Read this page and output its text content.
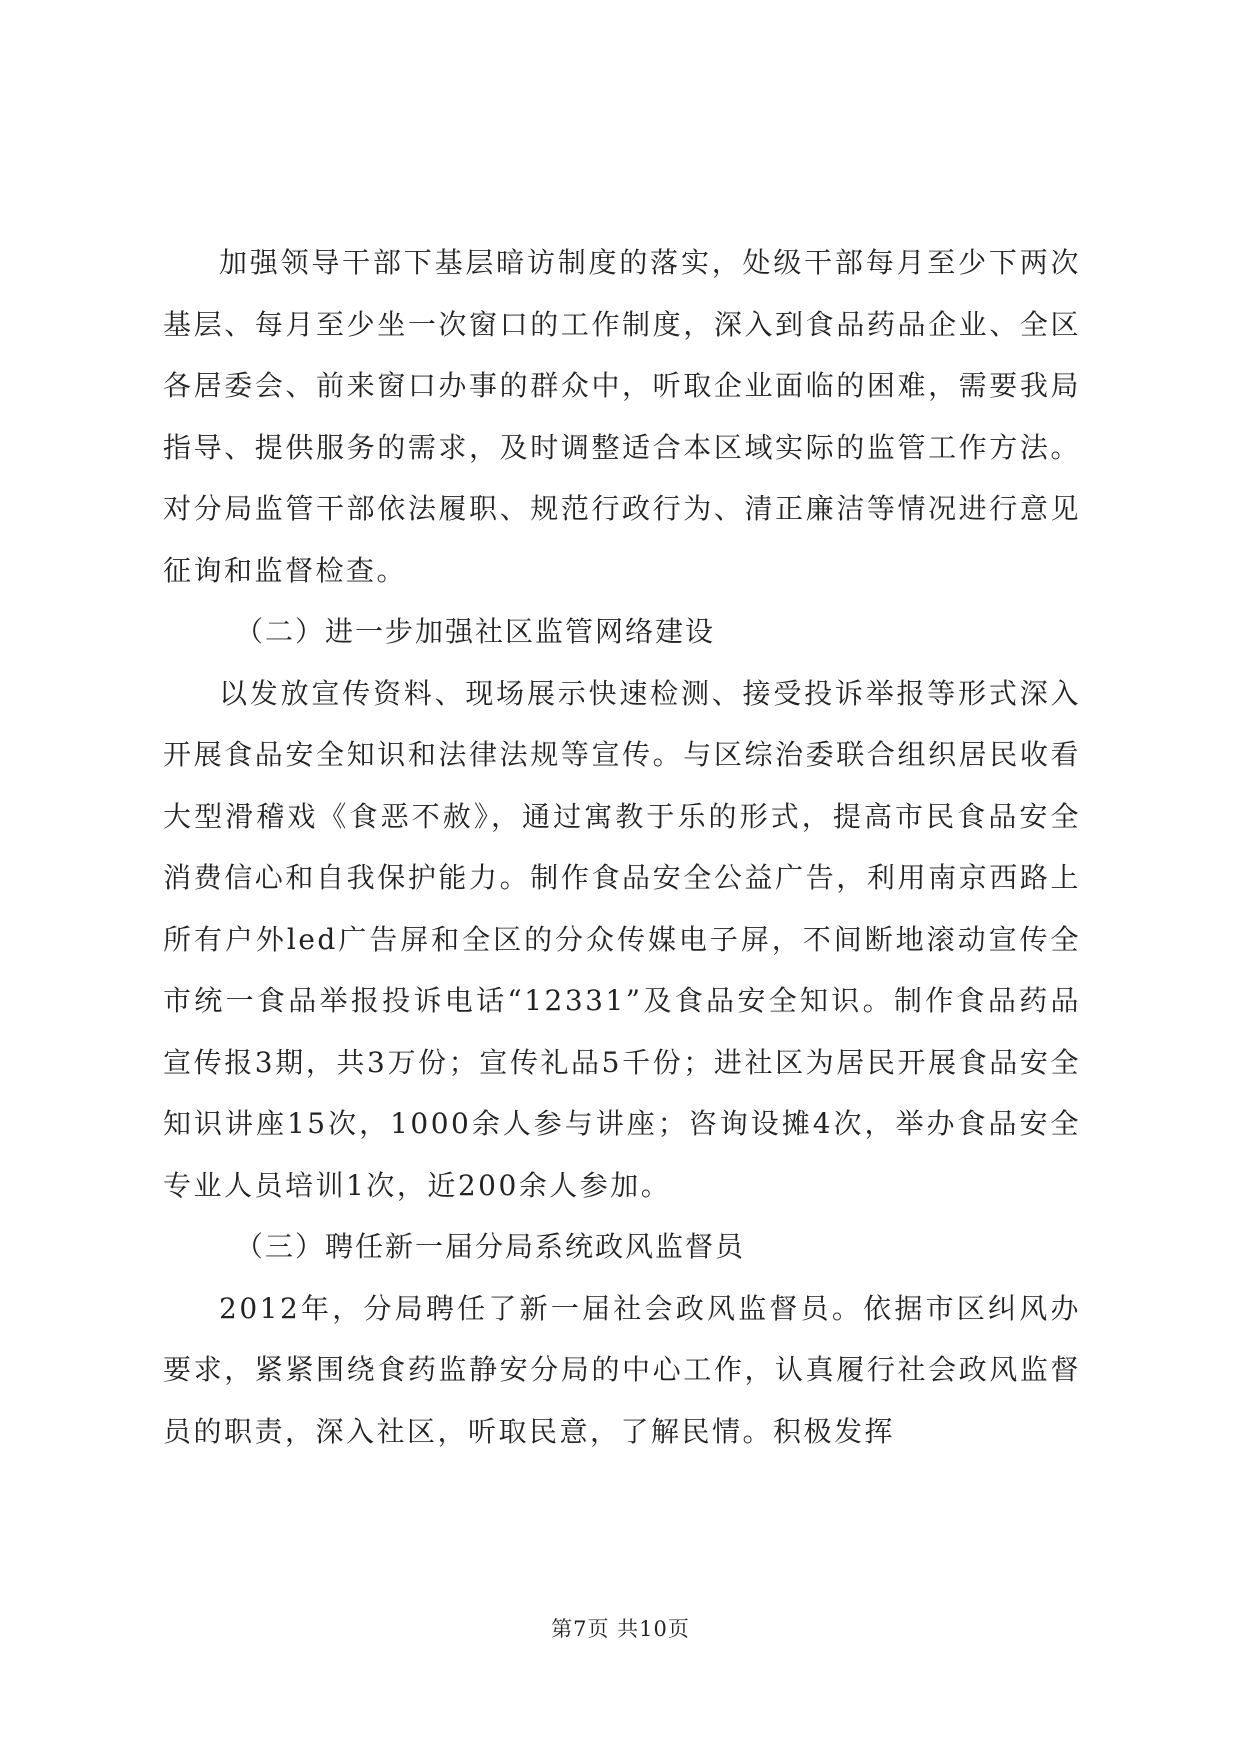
加强领导干部下基层暗访制度的落实，处级干部每月至少下两次基层、每月至少坐一次窗口的工作制度，深入到食品药品企业、全区各居委会、前来窗口办事的群众中，听取企业面临的困难，需要我局指导、提供服务的需求，及时调整适合本区域实际的监管工作方法。对分局监管干部依法履职、规范行政行为、清正廉洁等情况进行意见征询和监督检查。

（二）进一步加强社区监管网络建设

以发放宣传资料、现场展示快速检测、接受投诉举报等形式深入开展食品安全知识和法律法规等宣传。与区综治委联合组织居民收看大型滑稽戏《食恶不赦》，通过寓教于乐的形式，提高市民食品安全消费信心和自我保护能力。制作食品安全公益广告，利用南京西路上所有户外led广告屏和全区的分众传媒电子屏，不间断地滚动宣传全市统一食品举报投诉电话“12331”及食品安全知识。制作食品药品宣传报3期，共3万份；宣传礼品5千份；进社区为居民开展食品安全知识讲座15次，1000余人参与讲座；咨询设摊4次，举办食品安全专业人员培训1次，近200余人参加。

（三）聘任新一届分局系统政风监督员

2012年，分局聘任了新一届社会政风监督员。依据市区纠风办要求，紧紧围绕食药监静安分局的中心工作，认真履行社会政风监督员的职责，深入社区，听取民意，了解民情。积极发挥

第7页 共10页
